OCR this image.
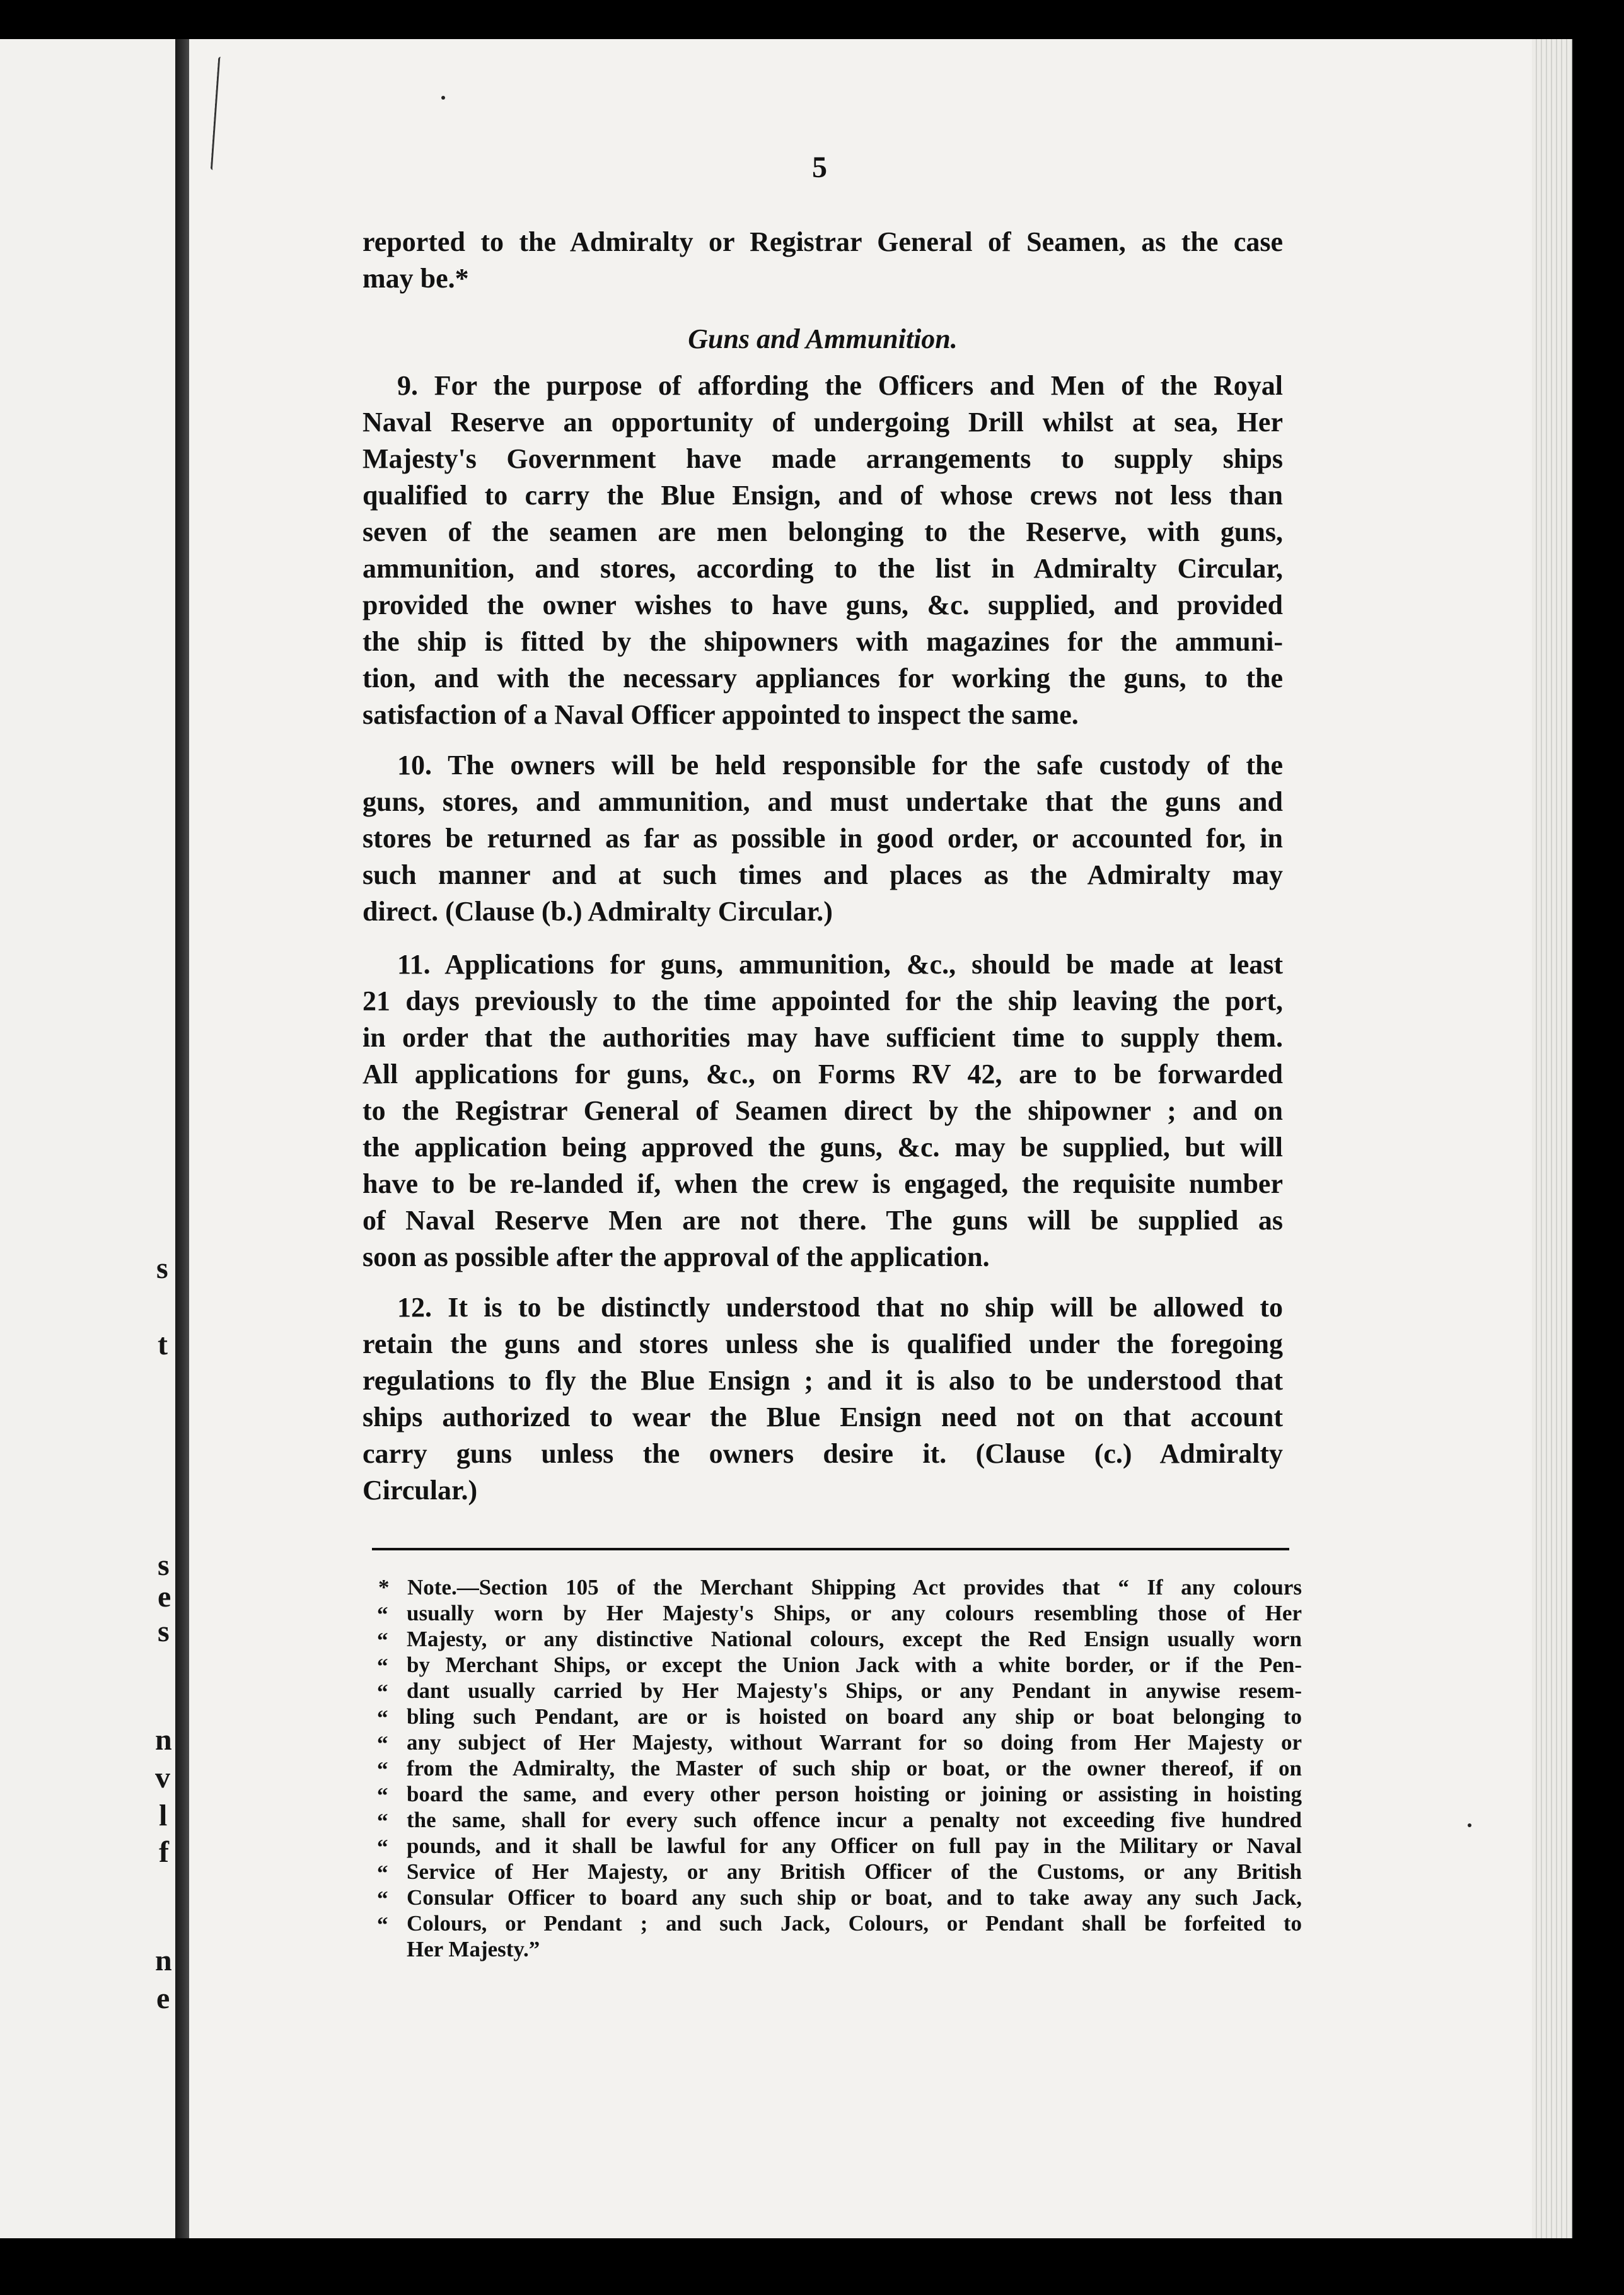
s
t
s
e
s
n
v
l
f
n
e
5
reported to the Admiralty or Registrar General of Seamen, as the case
may be.*
9. For the purpose of affording the Officers and Men of the Royal
Naval Reserve an opportunity of undergoing Drill whilst at sea, Her
Majesty's Government have made arrangements to supply ships
qualified to carry the Blue Ensign, and of whose crews not less than
seven of the seamen are men belonging to the Reserve, with guns,
ammunition, and stores, according to the list in Admiralty Circular,
provided the owner wishes to have guns, &c. supplied, and provided
the ship is fitted by the shipowners with magazines for the ammuni-
tion, and with the necessary appliances for working the guns, to the
satisfaction of a Naval Officer appointed to inspect the same.
10. The owners will be held responsible for the safe custody of the
guns, stores, and ammunition, and must undertake that the guns and
stores be returned as far as possible in good order, or accounted for, in
such manner and at such times and places as the Admiralty may
direct. (Clause (b.) Admiralty Circular.)
11. Applications for guns, ammunition, &c., should be made at least
21 days previously to the time appointed for the ship leaving the port,
in order that the authorities may have sufficient time to supply them.
All applications for guns, &c., on Forms RV 42, are to be forwarded
to the Registrar General of Seamen direct by the shipowner ; and on
the application being approved the guns, &c. may be supplied, but will
have to be re-landed if, when the crew is engaged, the requisite number
of Naval Reserve Men are not there. The guns will be supplied as
soon as possible after the approval of the application.
12. It is to be distinctly understood that no ship will be allowed to
retain the guns and stores unless she is qualified under the foregoing
regulations to fly the Blue Ensign ; and it is also to be understood that
ships authorized to wear the Blue Ensign need not on that account
carry guns unless the owners desire it. (Clause (c.) Admiralty
Circular.)
Guns and Ammunition.
* Note.—Section 105 of the Merchant Shipping Act provides that “ If any colours
“ usually worn by Her Majesty's Ships, or any colours resembling those of Her
“ Majesty, or any distinctive National colours, except the Red Ensign usually worn
“ by Merchant Ships, or except the Union Jack with a white border, or if the Pen-
“ dant usually carried by Her Majesty's Ships, or any Pendant in anywise resem-
“ bling such Pendant, are or is hoisted on board any ship or boat belonging to
“ any subject of Her Majesty, without Warrant for so doing from Her Majesty or
“ from the Admiralty, the Master of such ship or boat, or the owner thereof, if on
“ board the same, and every other person hoisting or joining or assisting in hoisting
“ the same, shall for every such offence incur a penalty not exceeding five hundred
“ pounds, and it shall be lawful for any Officer on full pay in the Military or Naval
“ Service of Her Majesty, or any British Officer of the Customs, or any British
“ Consular Officer to board any such ship or boat, and to take away any such Jack,
“ Colours, or Pendant ; and such Jack, Colours, or Pendant shall be forfeited to
Her Majesty.”
